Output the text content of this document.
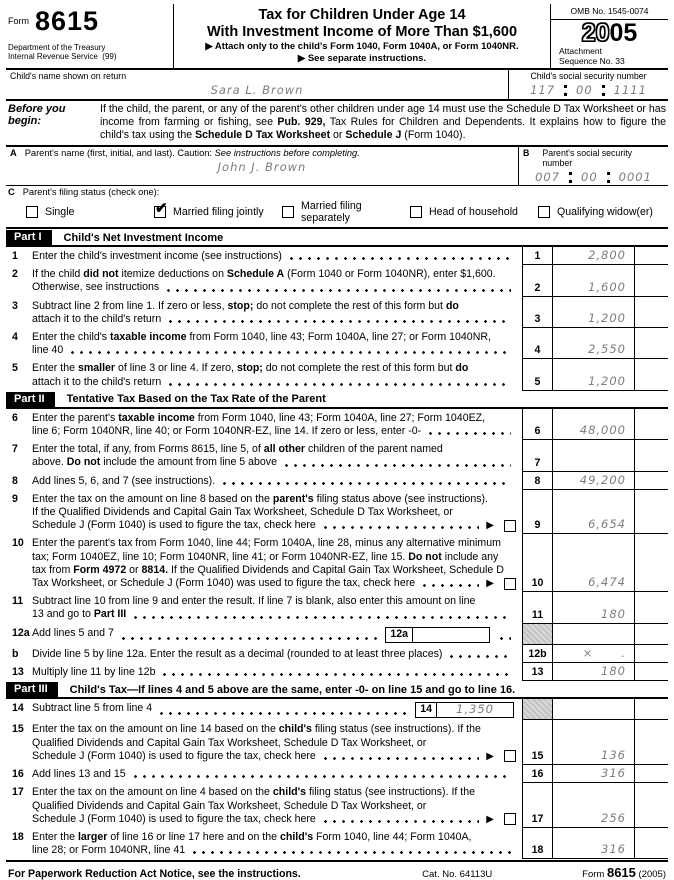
Form 8615
Department of the Treasury
Internal Revenue Service (99)
Tax for Children Under Age 14
With Investment Income of More Than $1,600
▶ Attach only to the child's Form 1040, Form 1040A, or Form 1040NR.
▶ See separate instructions.
OMB No. 1545-0074
2005
Attachment
Sequence No. 33
Child's name shown on return
Sara L. Brown
Child's social security number
117 00 1111
Before you begin:
If the child, the parent, or any of the parent's other children under age 14 must use the Schedule D Tax Worksheet or has income from farming or fishing, see Pub. 929, Tax Rules for Children and Dependents. It explains how to figure the child's tax using the Schedule D Tax Worksheet or Schedule J (Form 1040).
A Parent's name (first, initial, and last). Caution: See instructions before completing.
John J. Brown
B Parent's social security number
007 00 0001
C Parent's filing status (check one):
Single	✔ Married filing jointly	Married filing separately	Head of household	Qualifying widow(er)
Part I	Child's Net Investment Income
1	Enter the child's investment income (see instructions)	1	2,800
2	If the child did not itemize deductions on Schedule A (Form 1040 or Form 1040NR), enter $1,600.
Otherwise, see instructions	2	1,600
3	Subtract line 2 from line 1. If zero or less, stop; do not complete the rest of this form but do
attach it to the child's return	3	1,200
4	Enter the child's taxable income from Form 1040, line 43; Form 1040A, line 27; or Form 1040NR,
line 40	4	2,550
5	Enter the smaller of line 3 or line 4. If zero, stop; do not complete the rest of this form but do
attach it to the child's return	5	1,200
Part II	Tentative Tax Based on the Tax Rate of the Parent
6	Enter the parent's taxable income from Form 1040, line 43; Form 1040A, line 27; Form 1040EZ,
line 6; Form 1040NR, line 40; or Form 1040NR-EZ, line 14. If zero or less, enter -0-	6	48,000
7	Enter the total, if any, from Forms 8615, line 5, of all other children of the parent named
above. Do not include the amount from line 5 above	7
8	Add lines 5, 6, and 7 (see instructions).	8	49,200
9	Enter the tax on the amount on line 8 based on the parent's filing status above (see instructions).
If the Qualified Dividends and Capital Gain Tax Worksheet, Schedule D Tax Worksheet, or
Schedule J (Form 1040) is used to figure the tax, check here	▶	9	6,654
10 Enter the parent's tax from Form 1040, line 44; Form 1040A, line 28, minus any alternative minimum
tax; Form 1040EZ, line 10; Form 1040NR, line 41; or Form 1040NR-EZ, line 15. Do not include any
tax from Form 4972 or 8814. If the Qualified Dividends and Capital Gain Tax Worksheet, Schedule D
Tax Worksheet, or Schedule J (Form 1040) was used to figure the tax, check here	▶	10	6,474
11 Subtract line 10 from line 9 and enter the result. If line 7 is blank, also enter this amount on line
13 and go to Part III	11	180
12a Add lines 5 and 7	12a
b	Divide line 5 by line 12a. Enter the result as a decimal (rounded to at least three places)	12b	×      .
13 Multiply line 11 by line 12b	13	180
Part III	Child's Tax— If lines 4 and 5 above are the same, enter -0- on line 15 and go to line 16.
14 Subtract line 5 from line 4	14	1,350
15 Enter the tax on the amount on line 14 based on the child's filing status (see instructions). If the
Qualified Dividends and Capital Gain Tax Worksheet, Schedule D Tax Worksheet, or
Schedule J (Form 1040) is used to figure the tax, check here	▶	15	136
16 Add lines 13 and 15	16	316
17 Enter the tax on the amount on line 4 based on the child's filing status (see instructions). If the
Qualified Dividends and Capital Gain Tax Worksheet, Schedule D Tax Worksheet, or
Schedule J (Form 1040) is used to figure the tax, check here	▶	17	256
18 Enter the larger of line 16 or line 17 here and on the child's Form 1040, line 44; Form 1040A,
line 28; or Form 1040NR, line 41	18	316
For Paperwork Reduction Act Notice, see the instructions.	Cat. No. 64113U	Form 8615 (2005)
